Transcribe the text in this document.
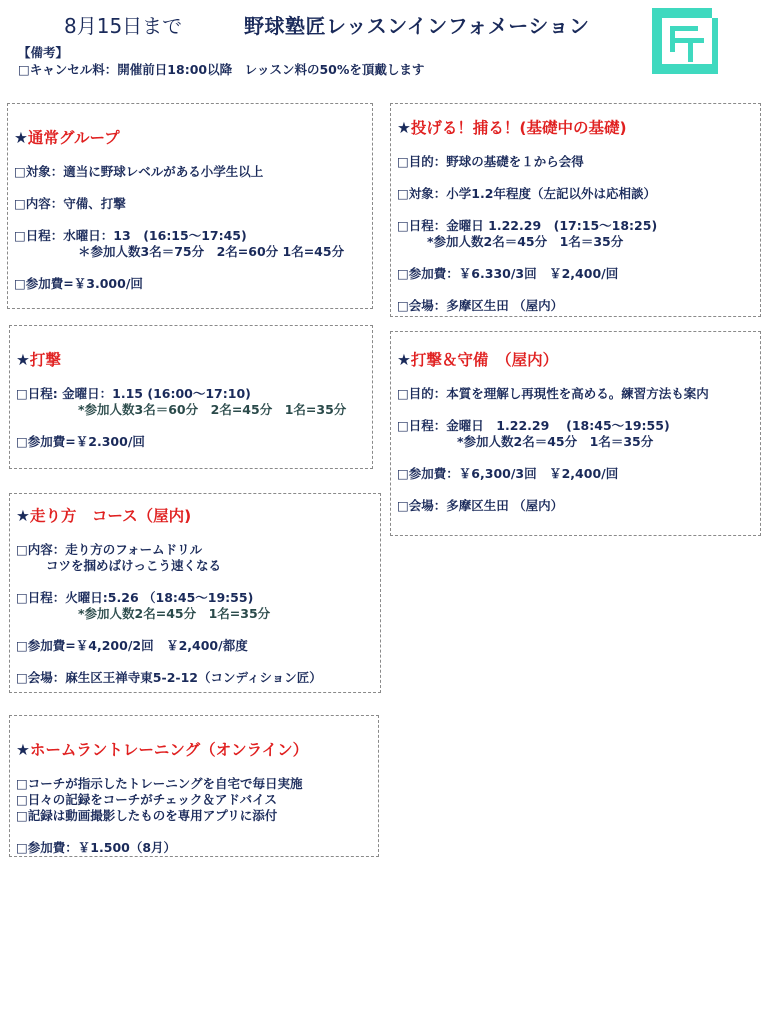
8月15日まで	野球塾匠レッスンインフォメーション
【備考】
□キャンセル料：開催前日18:00以降　レッスン料の50%を頂戴します
★通常グループ
□対象：適当に野球レベルがある小学生以上
□内容：守備、打撃
□日程：水曜日：13　(16:15〜17:45)
＊参加人数3名＝75分　2名=60分 1名=45分
□参加費=￥3.000/回
★打撃
□日程: 金曜日：1.15 (16:00〜17:10)
*参加人数3名＝60分　2名=45分　1名=35分
□参加費=￥2.300/回
★走り方　コース（屋内)
□内容：走り方のフォームドリル
コツを掴めばけっこう速くなる
□日程：火曜日:5.26 （18:45〜19:55)
*参加人数2名=45分　1名=35分
□参加費=￥4,200/2回　￥2,400/都度
□会場：麻生区王禅寺東5-2-12（コンディション匠）
★ホームラントレーニング（オンライン）
□コーチが指示したトレーニングを自宅で毎日実施
□日々の記録をコーチがチェック＆アドバイス
□記録は動画撮影したものを専用アプリに添付
□参加費：￥1.500（8月）
★投げる！捕る！(基礎中の基礎)
□目的：野球の基礎を１から会得
□対象：小学1.2年程度（左記以外は応相談）
□日程：金曜日 1.22.29　(17:15〜18:25)
*参加人数2名＝45分　1名＝35分
□参加費：￥6.330/3回　￥2,400/回
□会場：多摩区生田 （屋内）
★打撃＆守備　（屋内）
□目的：本質を理解し再現性を高める。練習方法も案内
□日程：金曜日　1.22.29　 (18:45〜19:55)
*参加人数2名＝45分　1名＝35分
□参加費：￥6,300/3回　￥2,400/回
□会場：多摩区生田 （屋内）
